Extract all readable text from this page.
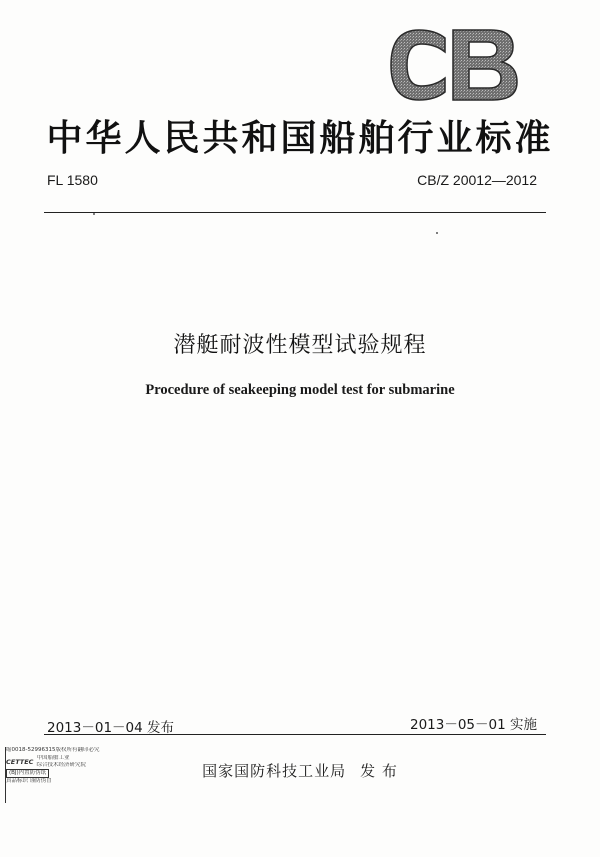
中华人民共和国船舶行业标准
FL 1580	CB/Z 20012—2012
潜艇耐波性模型试验规程
Procedure of seakeeping model test for submarine
2013－01－04 发布	2013－05－01 实施
缩0018-52996315版权所有翻印必究
CETTEC 中国船舶工业
综合技术经济研究院
(BJ)内置防伪纸
真品标识 谨防伪冒
国家国防科技工业局 发 布
